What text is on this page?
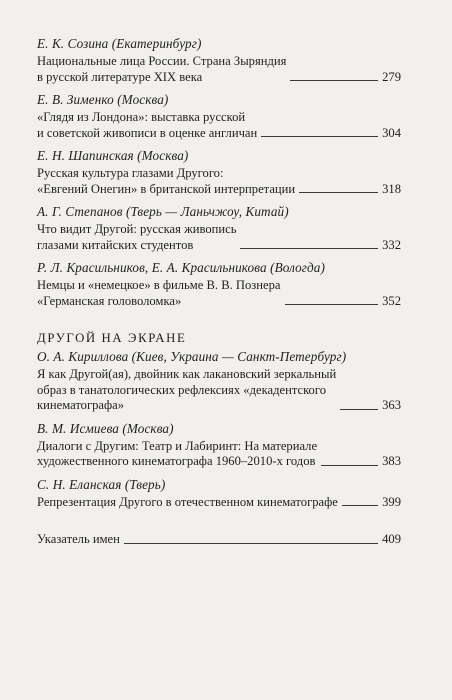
Е. К. Созина (Екатеринбург)
Национальные лица России. Страна Зыряндия
в русской литературе XIX века	279
Е. В. Зименко (Москва)
«Глядя из Лондона»: выставка русской
и советской живописи в оценке англичан	304
Е. Н. Шапинская (Москва)
Русская культура глазами Другого:
«Евгений Онегин» в британской интерпретации	318
А. Г. Степанов (Тверь — Ланьчжоу, Китай)
Что видит Другой: русская живопись
глазами китайских студентов	332
Р. Л. Красильников, Е. А. Красильникова (Вологда)
Немцы и «немецкое» в фильме В. В. Познера
«Германская головоломка»	352
ДРУГОЙ НА ЭКРАНЕ
О. А. Кириллова (Киев, Украина — Санкт-Петербург)
Я как Другой(ая), двойник как лакановский зеркальный
образ в танатологических рефлексиях «декадентского
кинематографа»	363
В. М. Исмиева (Москва)
Диалоги с Другим: Театр и Лабиринт: На материале
художественного кинематографа 1960–2010-х годов	383
С. Н. Еланская (Тверь)
Репрезентация Другого в отечественном кинематографе	399
Указатель имен	409
